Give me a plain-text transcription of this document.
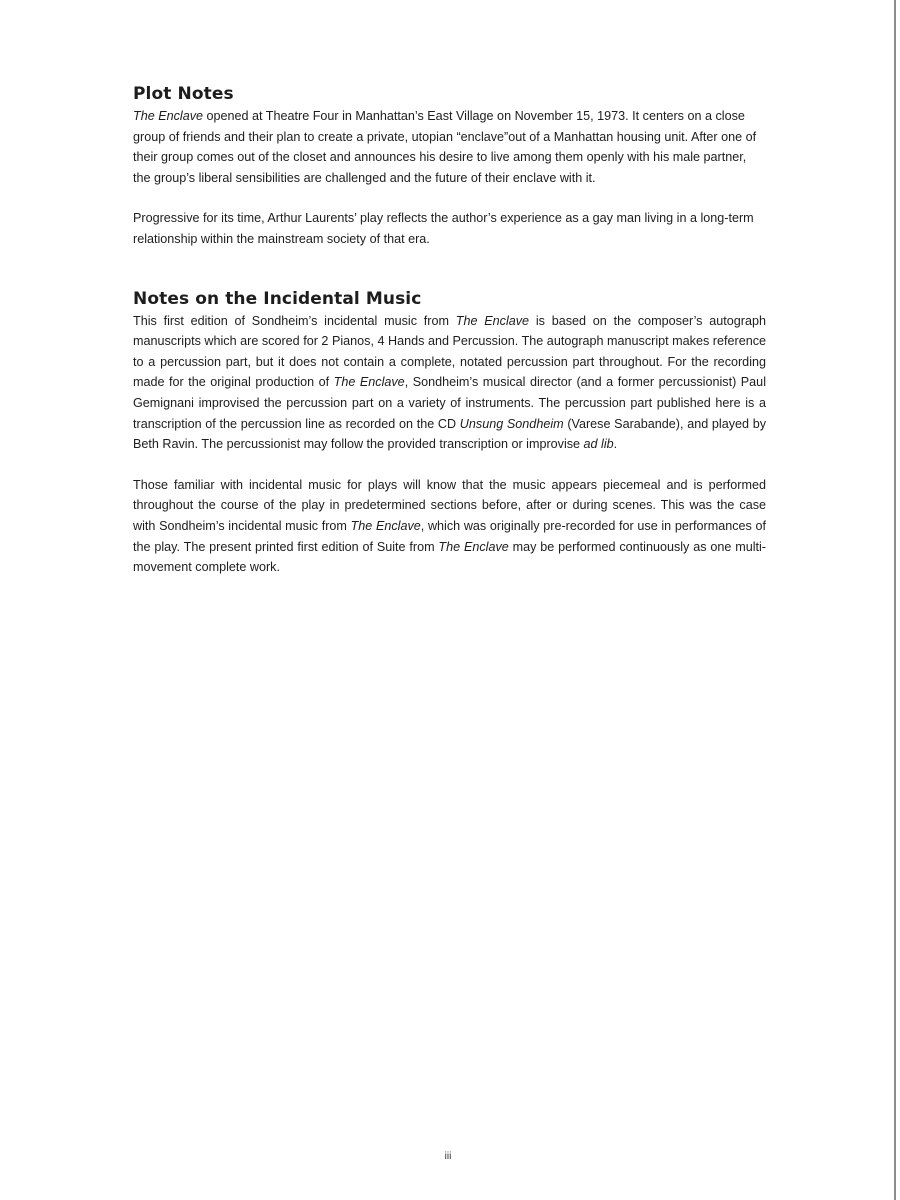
Plot Notes

The Enclave opened at Theatre Four in Manhattan’s East Village on November 15, 1973. It centers on a close group of friends and their plan to create a private, utopian “enclave”out of a Manhattan housing unit. After one of their group comes out of the closet and announces his desire to live among them openly with his male partner, the group’s liberal sensibilities are challenged and the future of their enclave with it.

Progressive for its time, Arthur Laurents’ play reflects the author’s experience as a gay man living in a long-term relationship within the mainstream society of that era.

Notes on the Incidental Music

This first edition of Sondheim’s incidental music from The Enclave is based on the composer’s autograph manuscripts which are scored for 2 Pianos, 4 Hands and Percussion. The autograph manuscript makes reference to a percussion part, but it does not contain a complete, notated percussion part throughout. For the recording made for the original production of The Enclave, Sondheim’s musical director (and a former percussionist) Paul Gemignani improvised the percussion part on a variety of instruments. The percussion part published here is a transcription of the percussion line as recorded on the CD Unsung Sondheim (Varese Sarabande), and played by Beth Ravin. The percussionist may follow the provided transcription or improvise ad lib.

Those familiar with incidental music for plays will know that the music appears piecemeal and is performed throughout the course of the play in predetermined sections before, after or during scenes. This was the case with Sondheim’s incidental music from The Enclave, which was originally pre-recorded for use in performances of the play. The present printed first edition of Suite from The Enclave may be performed continuously as one multi-movement complete work.

iii
